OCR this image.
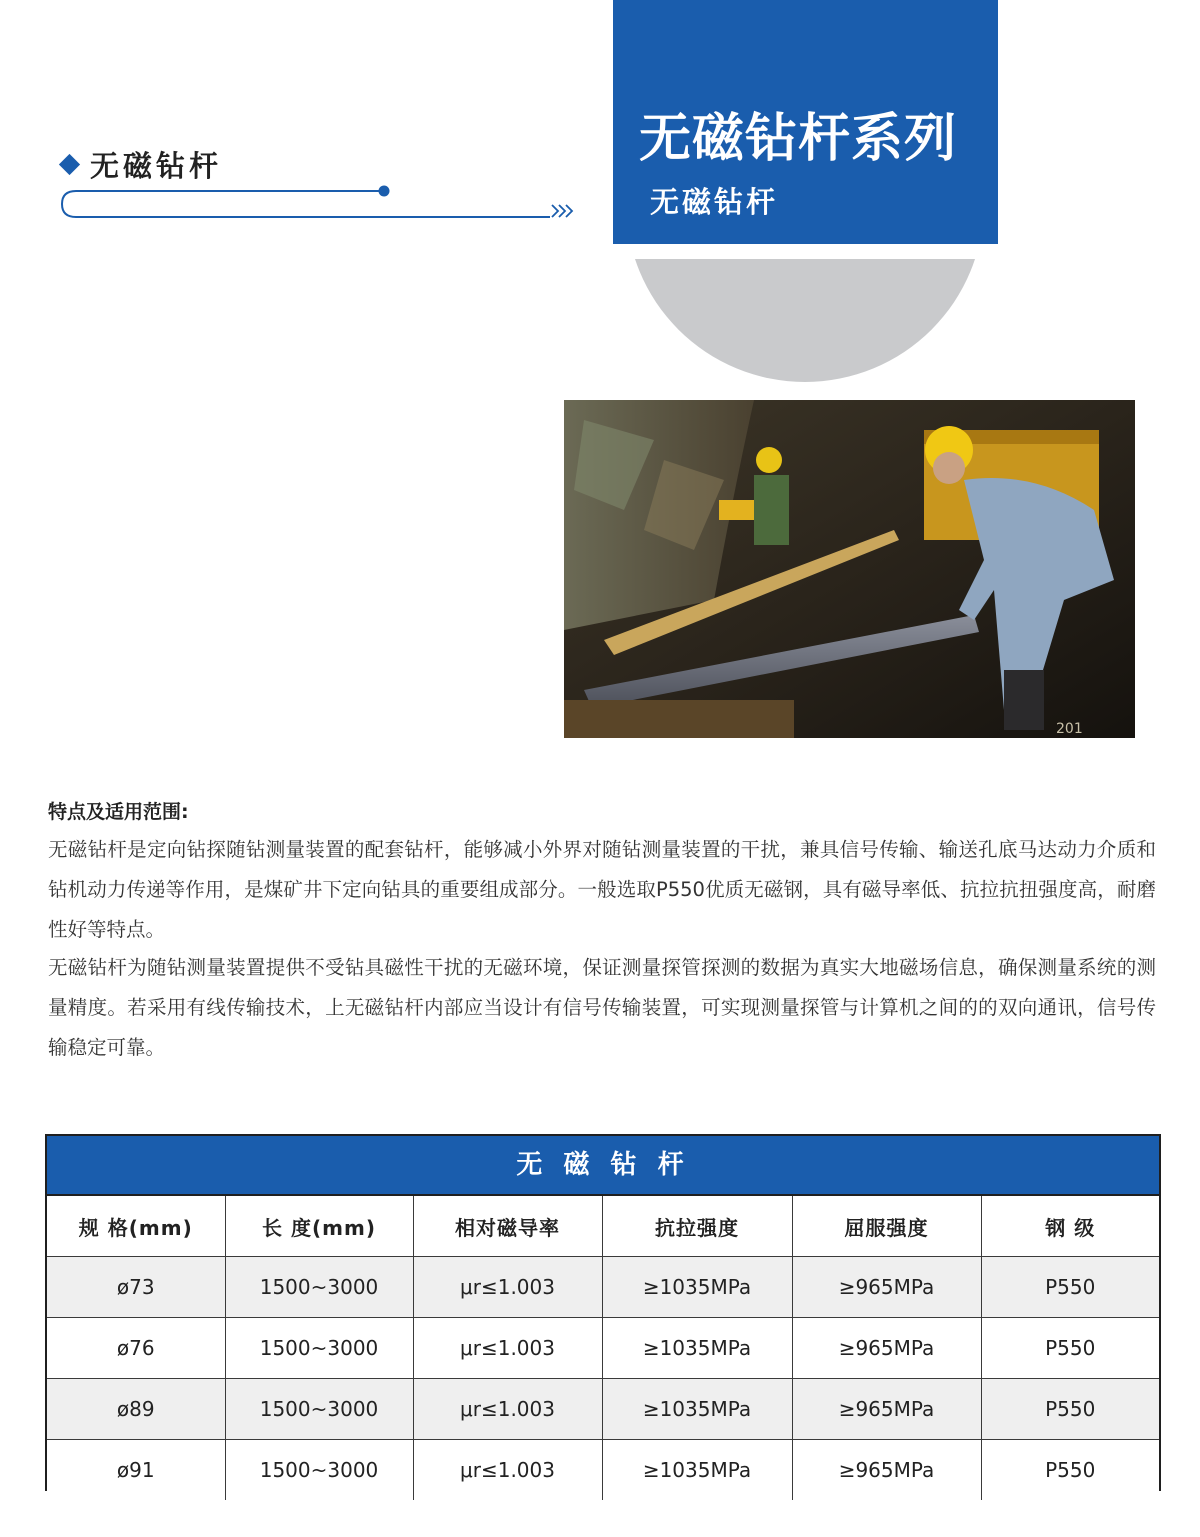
无磁钻杆	无磁钻杆系列
无磁钻杆
201
特点及适用范围:

无磁钻杆是定向钻探随钻测量装置的配套钻杆，能够减小外界对随钻测量装置的干扰，兼具信号传输、输送孔底马达动力介质和钻机动力传递等作用，是煤矿井下定向钻具的重要组成部分。一般选取P550优质无磁钢，具有磁导率低、抗拉抗扭强度高，耐磨性好等特点。

无磁钻杆为随钻测量装置提供不受钻具磁性干扰的无磁环境，保证测量探管探测的数据为真实大地磁场信息，确保测量系统的测量精度。若采用有线传输技术，上无磁钻杆内部应当设计有信号传输装置，可实现测量探管与计算机之间的的双向通讯，信号传输稳定可靠。

无 磁 钻 杆
规 格(mm)	长 度(mm)	相对磁导率	抗拉强度	屈服强度	钢 级
ø73	1500~3000	μr≤1.003	≥1035MPa	≥965MPa	P550
ø76	1500~3000	μr≤1.003	≥1035MPa	≥965MPa	P550
ø89	1500~3000	μr≤1.003	≥1035MPa	≥965MPa	P550
ø91	1500~3000	μr≤1.003	≥1035MPa	≥965MPa	P550
